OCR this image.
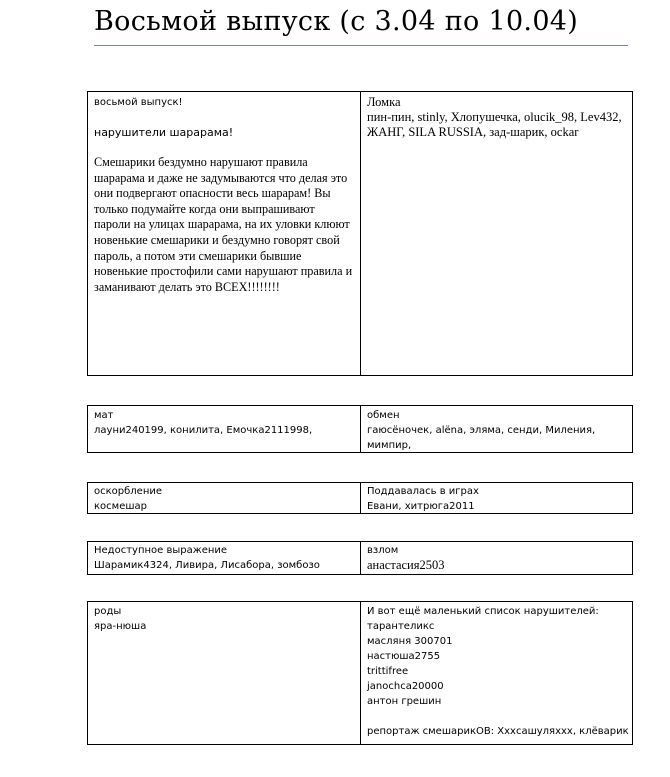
Восьмой выпуск (с 3.04 по 10.04)
восьмой выпуск!
нарушители шарарама!
Смешарики бездумно нарушают правила шарарама и даже не задумываются что делая это они подвергают опасности весь шарарам! Вы только подумайте когда они выпрашивают пароли на улицах шарарама, на их уловки клюют новенькие смешарики и бездумно говорят свой пароль, а потом эти смешарики бывшие новенькие простофили сами нарушают правила и заманивают делать это ВСЕХ!!!!!!!!
Ломка
пин-пин, stinly, Хлопушечка, olucik_98, Lev432, ЖАНГ, SILA RUSSIA, зад-шарик, ockar
мат
лауни240199, конилита, Емочка2111998,
обмен
гаюсёночек, alёna, эляма, сенди, Миления, мимпир,
оскорбление
космешар
Поддавалась в играх
Евани, хитрюга2011
Недоступное выражение
Шарамик4324, Ливира, Лисабора, зомбозо
взлом
анастасия2503
роды
яра-нюша
И вот ещё маленький список нарушителей:
тарантеликс
масляня 300701
настюша2755
trittifree
janochca20000
антон грешин
репортаж смешарикОВ: Хххсашуляххх, клёварик
